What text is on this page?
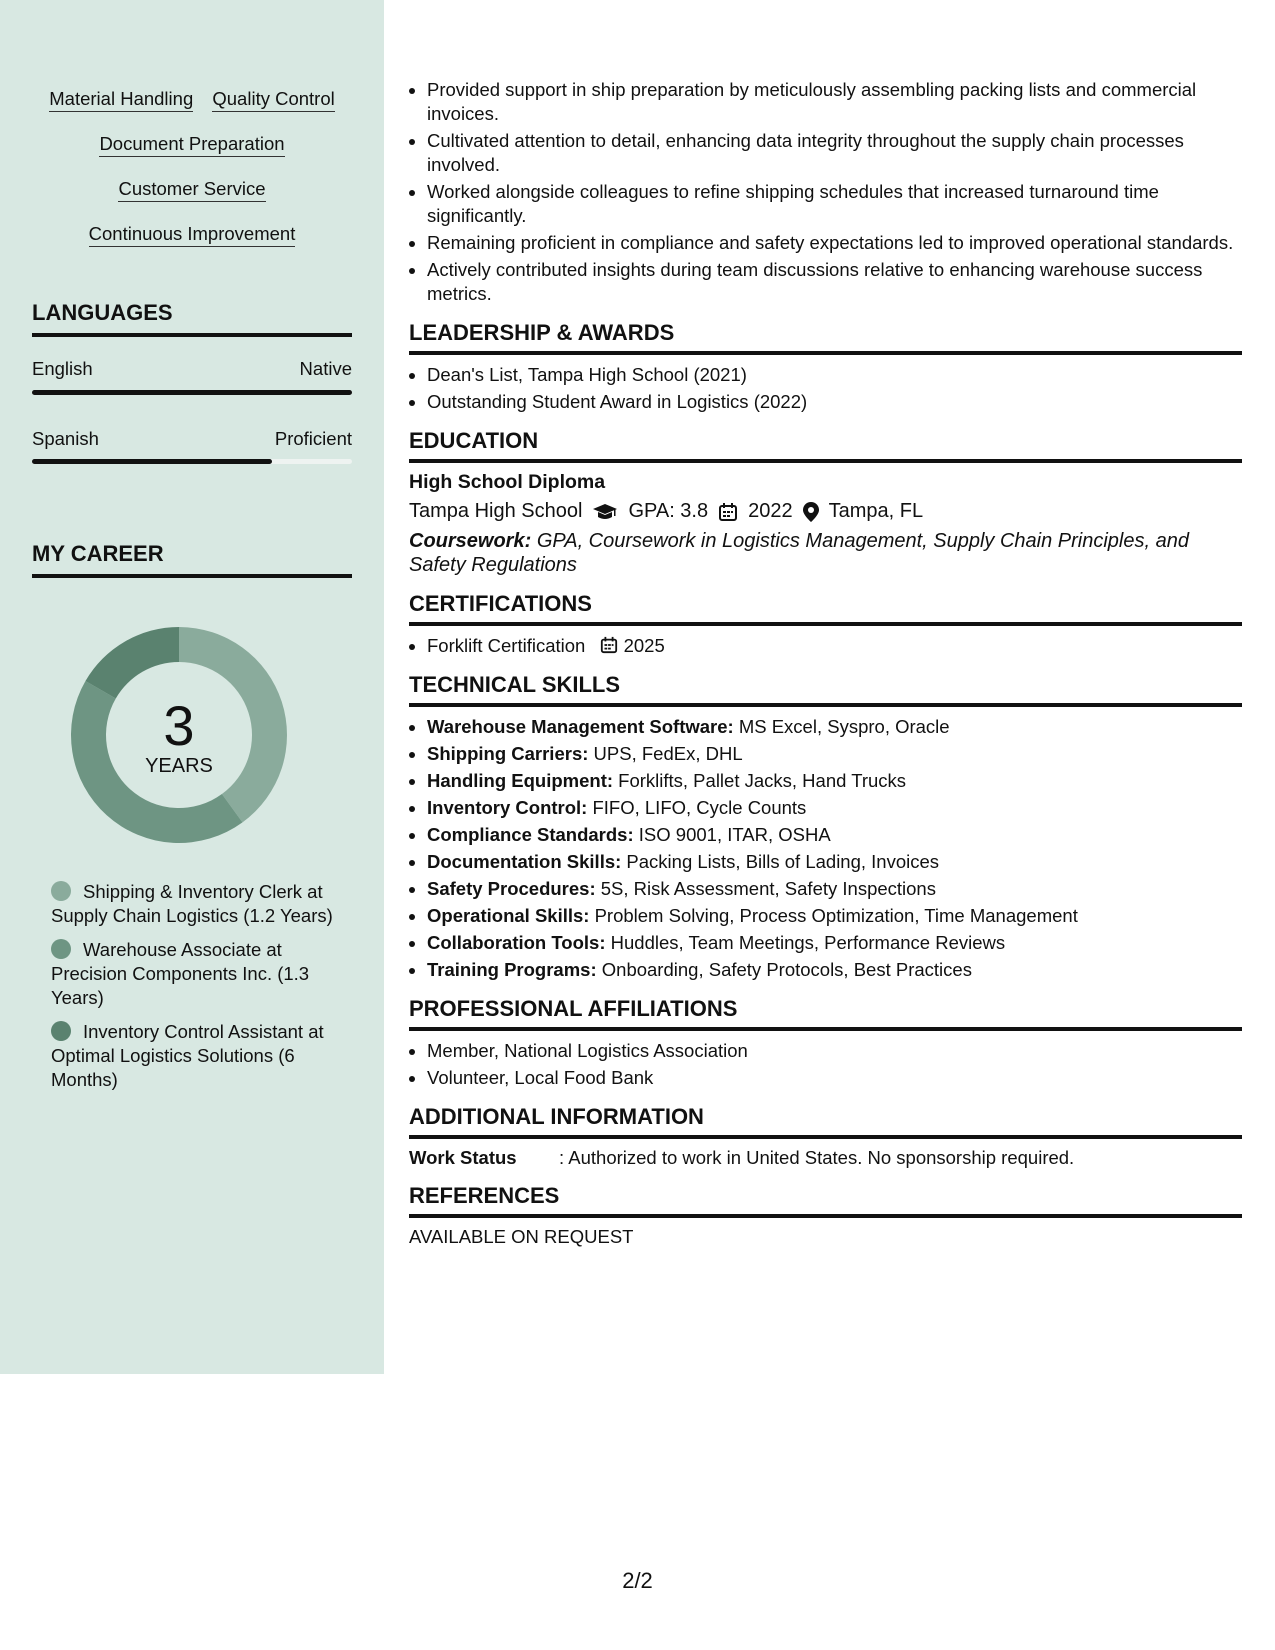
Material Handling Quality Control
Document Preparation
Customer Service
Continuous Improvement
LANGUAGES
English	Native
Spanish	Proficient
MY CAREER
3
YEARS
Shipping & Inventory Clerk at Supply Chain Logistics (1.2 Years)
Warehouse Associate at Precision Components Inc. (1.3 Years)
Inventory Control Assistant at Optimal Logistics Solutions (6 Months)
• Provided support in ship preparation by meticulously assembling packing lists and commercial invoices.
• Cultivated attention to detail, enhancing data integrity throughout the supply chain processes involved.
• Worked alongside colleagues to refine shipping schedules that increased turnaround time significantly.
• Remaining proficient in compliance and safety expectations led to improved operational standards.
• Actively contributed insights during team discussions relative to enhancing warehouse success metrics.
LEADERSHIP & AWARDS
• Dean's List, Tampa High School (2021)
• Outstanding Student Award in Logistics (2022)
EDUCATION
High School Diploma
Tampa High School GPA: 3.8 2022 Tampa, FL
Coursework: GPA, Coursework in Logistics Management, Supply Chain Principles, and Safety Regulations
CERTIFICATIONS
• Forklift Certification 2025
TECHNICAL SKILLS
• Warehouse Management Software: MS Excel, Syspro, Oracle
• Shipping Carriers: UPS, FedEx, DHL
• Handling Equipment: Forklifts, Pallet Jacks, Hand Trucks
• Inventory Control: FIFO, LIFO, Cycle Counts
• Compliance Standards: ISO 9001, ITAR, OSHA
• Documentation Skills: Packing Lists, Bills of Lading, Invoices
• Safety Procedures: 5S, Risk Assessment, Safety Inspections
• Operational Skills: Problem Solving, Process Optimization, Time Management
• Collaboration Tools: Huddles, Team Meetings, Performance Reviews
• Training Programs: Onboarding, Safety Protocols, Best Practices
PROFESSIONAL AFFILIATIONS
• Member, National Logistics Association
• Volunteer, Local Food Bank
ADDITIONAL INFORMATION
Work Status	: Authorized to work in United States. No sponsorship required.
REFERENCES
AVAILABLE ON REQUEST
2/2
